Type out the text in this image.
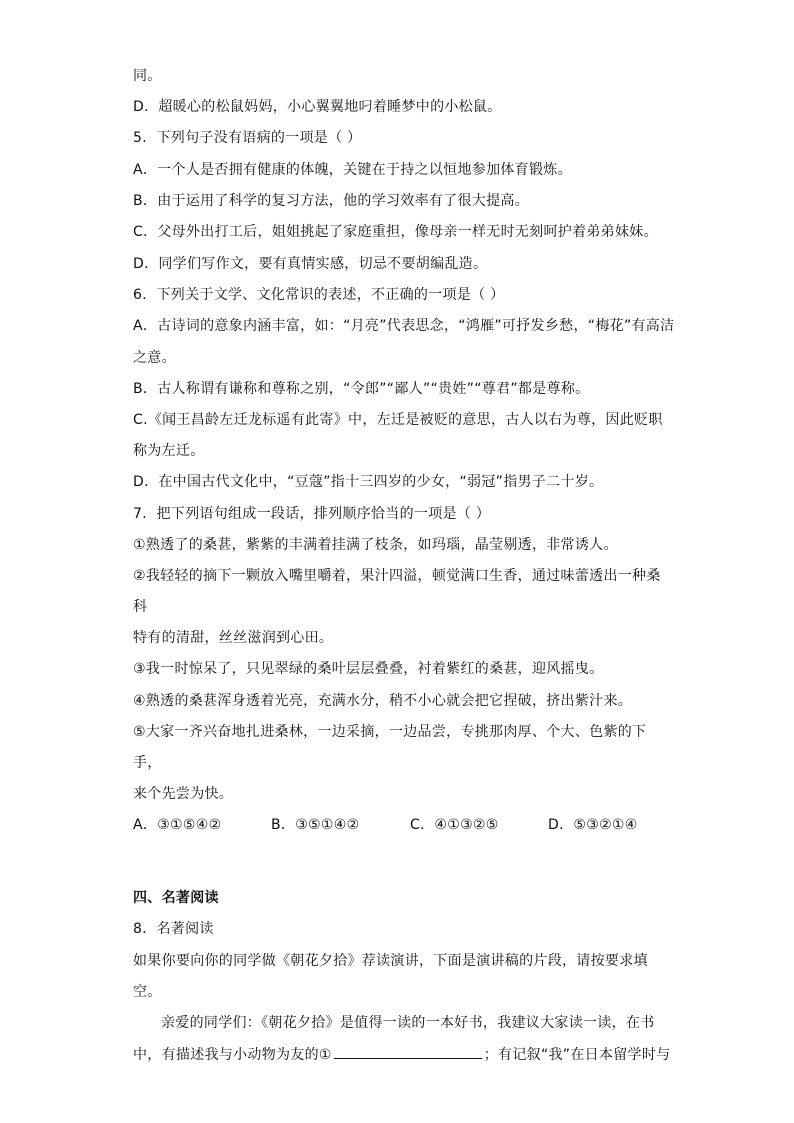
同。
D．超暖心的松鼠妈妈，小心翼翼地叼着睡梦中的小松鼠。
5．下列句子没有语病的一项是（ ）
A．一个人是否拥有健康的体魄，关键在于持之以恒地参加体育锻炼。
B．由于运用了科学的复习方法，他的学习效率有了很大提高。
C．父母外出打工后，姐姐挑起了家庭重担，像母亲一样无时无刻呵护着弟弟妹妹。
D．同学们写作文，要有真情实感，切忌不要胡编乱造。
6．下列关于文学、文化常识的表述，不正确的一项是（ ）
A．古诗词的意象内涵丰富，如：“月亮”代表思念，“鸿雁”可抒发乡愁，“梅花”有高洁
之意。
B．古人称谓有谦称和尊称之别，“令郎”“鄙人”“贵姓”“尊君”都是尊称。
C.《闻王昌龄左迁龙标遥有此寄》中，左迁是被贬的意思，古人以右为尊，因此贬职
称为左迁。
D．在中国古代文化中，“豆蔻”指十三四岁的少女，“弱冠”指男子二十岁。
7．把下列语句组成一段话，排列顺序恰当的一项是（ ）
①熟透了的桑葚，紫紫的丰满着挂满了枝条，如玛瑙，晶莹剔透，非常诱人。
②我轻轻的摘下一颗放入嘴里嚼着，果汁四溢，顿觉满口生香，通过味蕾透出一种桑
科
特有的清甜，丝丝滋润到心田。
③我一时惊呆了，只见翠绿的桑叶层层叠叠，衬着紫红的桑葚，迎风摇曳。
④熟透的桑葚浑身透着光亮，充满水分，稍不小心就会把它捏破，挤出紫汁来。
⑤大家一齐兴奋地扎进桑林，一边采摘，一边品尝，专挑那肉厚、个大、色紫的下
手，
来个先尝为快。
A．③①⑤④②	B．③⑤①④②	C．④①③②⑤	D．⑤③②①④
四、名著阅读
8．名著阅读
如果你要向你的同学做《朝花夕拾》荐读演讲，下面是演讲稿的片段，请按要求填
空。
亲爱的同学们：《朝花夕拾》是值得一读的一本好书，我建议大家读一读，在书
中，有描述我与小动物为友的①	；有记叙“我”在日本留学时与
